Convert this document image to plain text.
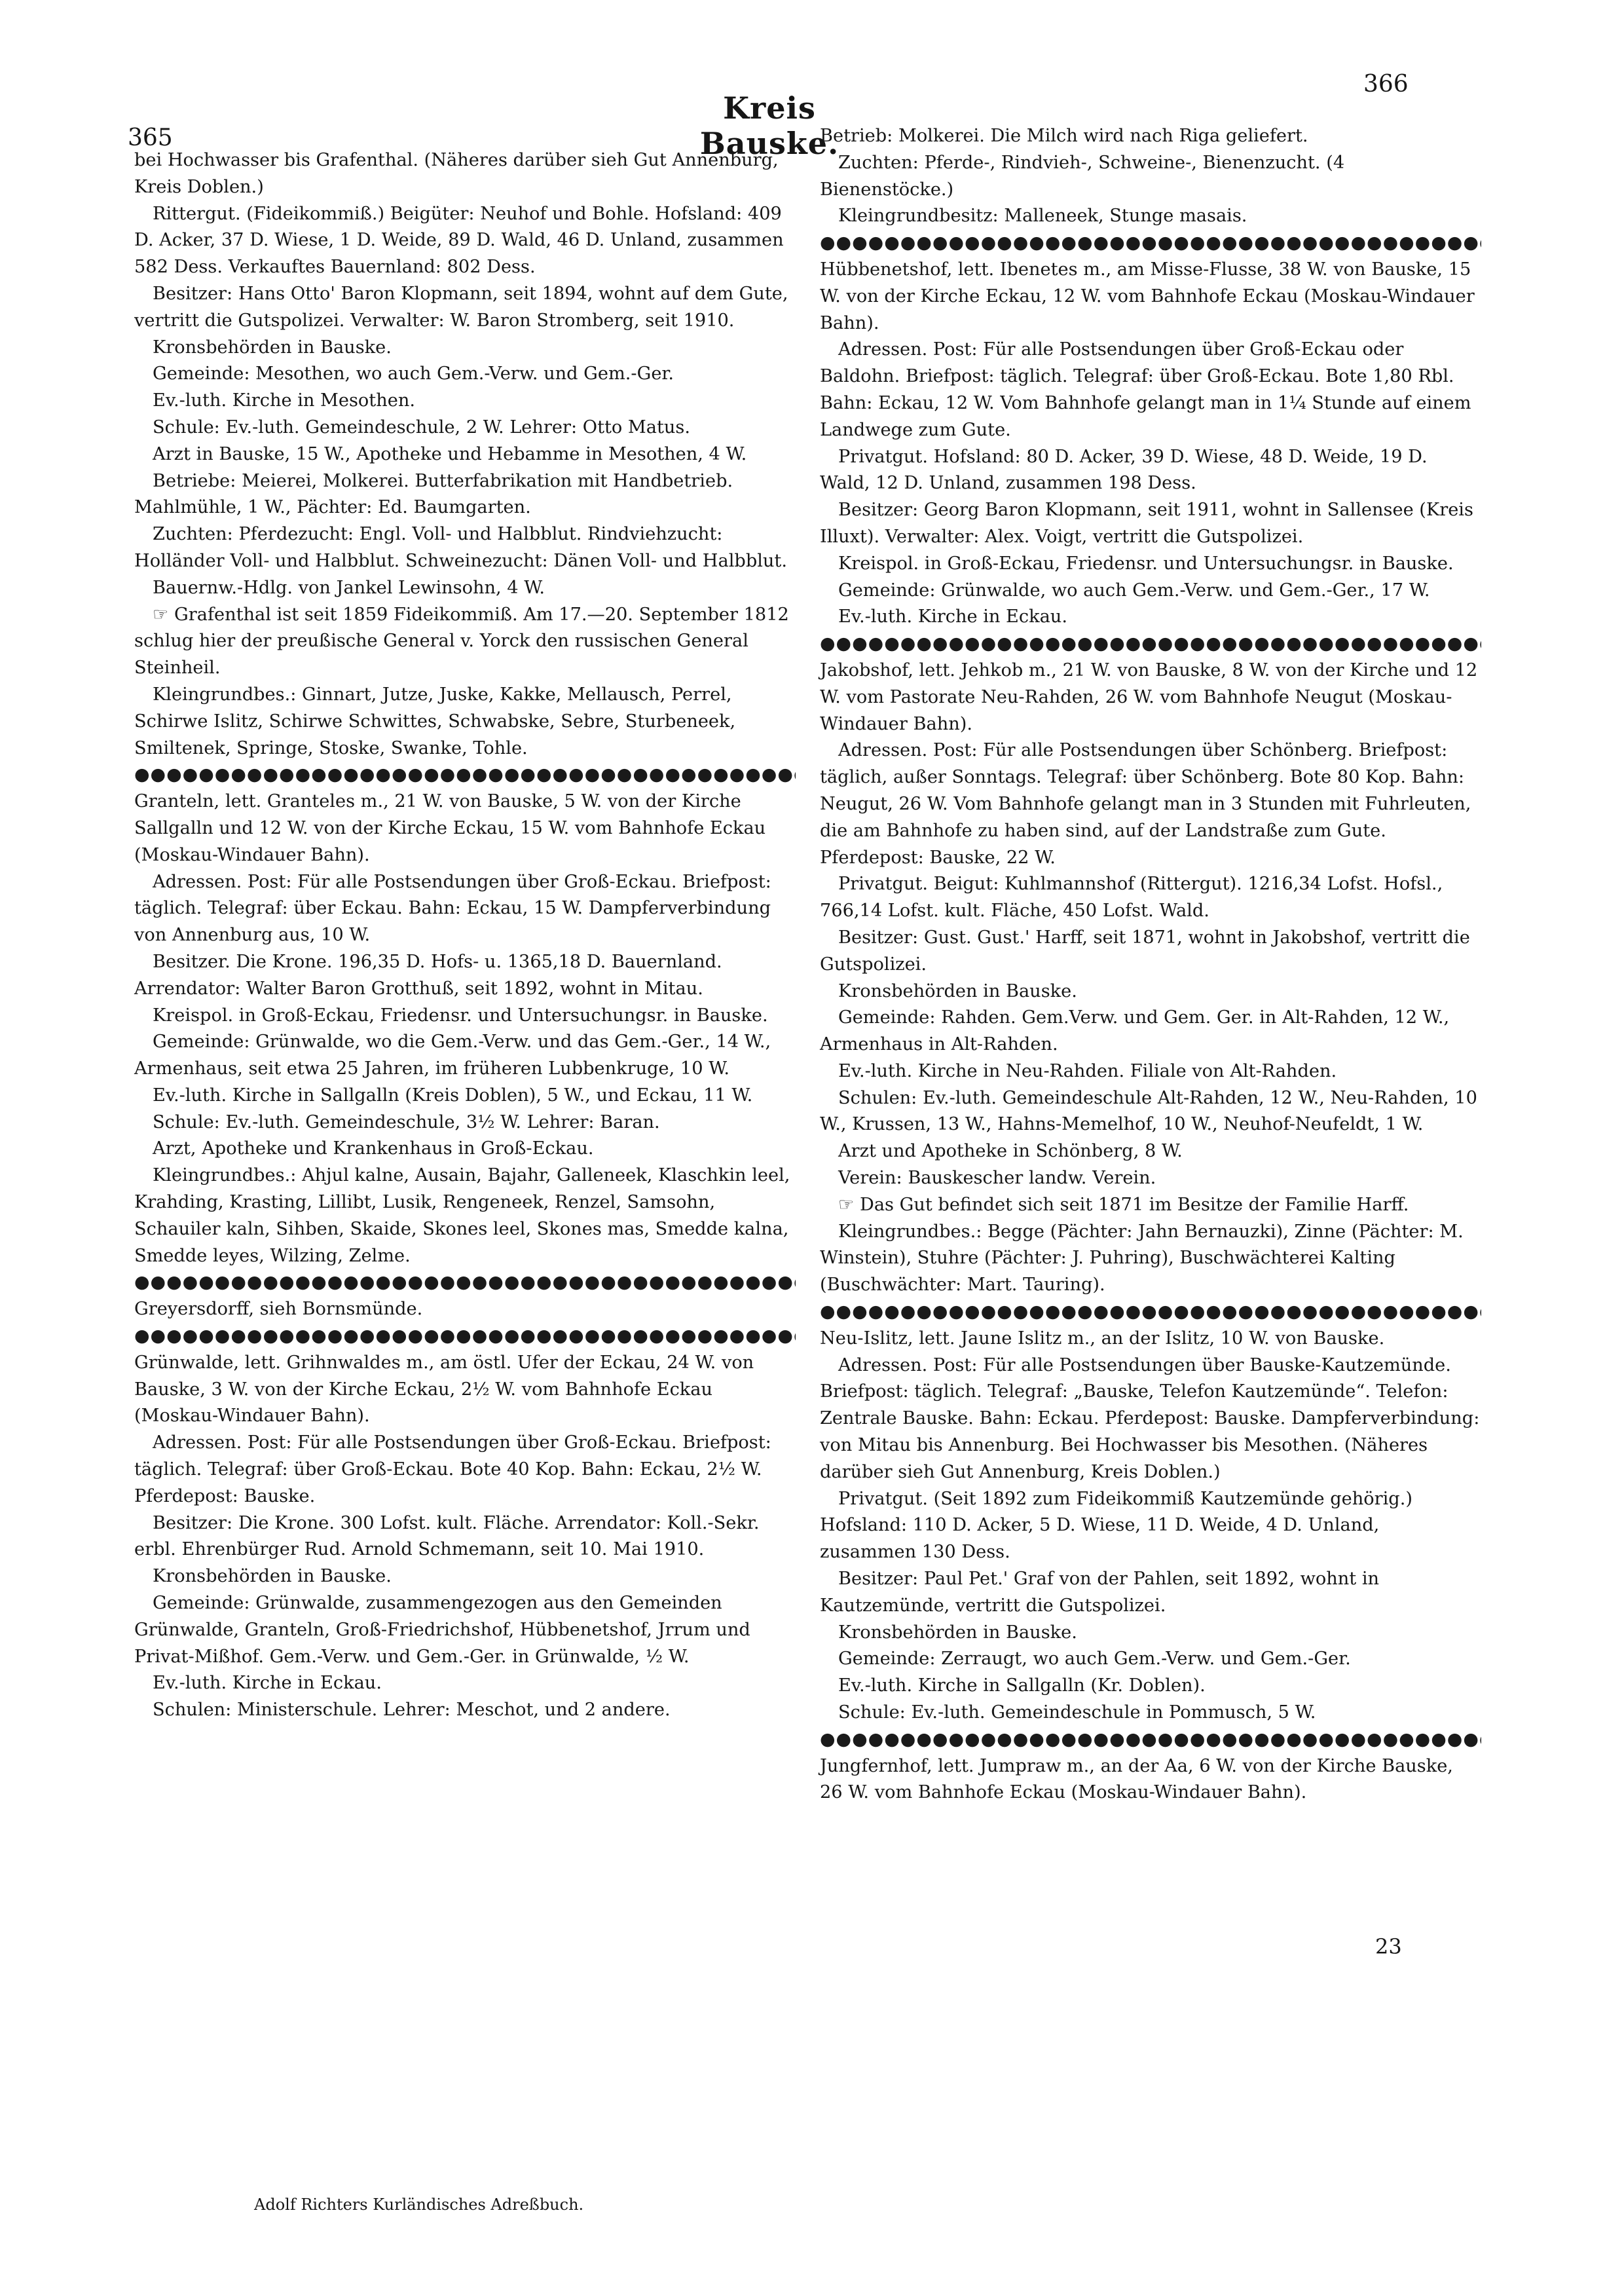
365
Kreis Bauske.
366

bei Hochwasser bis Grafenthal. (Näheres darüber sieh Gut Annenburg, Kreis Doblen.)

Rittergut. (Fideikommiß.) Beigüter: Neuhof und Bohle. Hofsland: 409 D. Acker, 37 D. Wiese, 1 D. Weide, 89 D. Wald, 46 D. Unland, zusammen 582 Dess. Verkauftes Bauernland: 802 Dess.

Besitzer: Hans Otto' Baron Klopmann, seit 1894, wohnt auf dem Gute, vertritt die Gutspolizei. Verwalter: W. Baron Stromberg, seit 1910.

Kronsbehörden in Bauske.

Gemeinde: Mesothen, wo auch Gem.-Verw. und Gem.-Ger.

Ev.-luth. Kirche in Mesothen.

Schule: Ev.-luth. Gemeindeschule, 2 W. Lehrer: Otto Matus.

Arzt in Bauske, 15 W., Apotheke und Hebamme in Mesothen, 4 W.

Betriebe: Meierei, Molkerei. Butterfabrikation mit Handbetrieb. Mahlmühle, 1 W., Pächter: Ed. Baumgarten.

Zuchten: Pferdezucht: Engl. Voll- und Halbblut. Rindviehzucht: Holländer Voll- und Halbblut. Schweinezucht: Dänen Voll- und Halbblut.

Bauernw.-Hdlg. von Jankel Lewinsohn, 4 W.

☞ Grafenthal ist seit 1859 Fideikommiß. Am 17.—20. September 1812 schlug hier der preußische General v. Yorck den russischen General Steinheil.

Kleingrundbes.: Ginnart, Jutze, Juske, Kakke, Mellausch, Perrel, Schirwe Islitz, Schirwe Schwittes, Schwabske, Sebre, Sturbeneek, Smiltenek, Springe, Stoske, Swanke, Tohle.

●●●●●●●●●●●●●●●●●●●●●●●●●●●●●●●●●●●●●●●●●●●●●●●●●●●●●●●●●●●●

Granteln, lett. Granteles m., 21 W. von Bauske, 5 W. von der Kirche Sallgalln und 12 W. von der Kirche Eckau, 15 W. vom Bahnhofe Eckau (Moskau-Windauer Bahn).

Adressen. Post: Für alle Postsendungen über Groß-Eckau. Briefpost: täglich. Telegraf: über Eckau. Bahn: Eckau, 15 W. Dampferverbindung von Annenburg aus, 10 W.

Besitzer. Die Krone. 196,35 D. Hofs- u. 1365,18 D. Bauernland. Arrendator: Walter Baron Grotthuß, seit 1892, wohnt in Mitau.

Kreispol. in Groß-Eckau, Friedensr. und Untersuchungsr. in Bauske.

Gemeinde: Grünwalde, wo die Gem.-Verw. und das Gem.-Ger., 14 W., Armenhaus, seit etwa 25 Jahren, im früheren Lubbenkruge, 10 W.

Ev.-luth. Kirche in Sallgalln (Kreis Doblen), 5 W., und Eckau, 11 W.

Schule: Ev.-luth. Gemeindeschule, 3½ W. Lehrer: Baran.

Arzt, Apotheke und Krankenhaus in Groß-Eckau.

Kleingrundbes.: Ahjul kalne, Ausain, Bajahr, Galleneek, Klaschkin leel, Krahding, Krasting, Lillibt, Lusik, Rengeneek, Renzel, Samsohn, Schauiler kaln, Sihben, Skaide, Skones leel, Skones mas, Smedde kalna, Smedde leyes, Wilzing, Zelme.

●●●●●●●●●●●●●●●●●●●●●●●●●●●●●●●●●●●●●●●●●●●●●●●●●●●●●●●●●●●●

Greyersdorff, sieh Bornsmünde.

●●●●●●●●●●●●●●●●●●●●●●●●●●●●●●●●●●●●●●●●●●●●●●●●●●●●●●●●●●●●

Grünwalde, lett. Grihnwaldes m., am östl. Ufer der Eckau, 24 W. von Bauske, 3 W. von der Kirche Eckau, 2½ W. vom Bahnhofe Eckau (Moskau-Windauer Bahn).

Adressen. Post: Für alle Postsendungen über Groß-Eckau. Briefpost: täglich. Telegraf: über Groß-Eckau. Bote 40 Kop. Bahn: Eckau, 2½ W. Pferdepost: Bauske.

Besitzer: Die Krone. 300 Lofst. kult. Fläche. Arrendator: Koll.-Sekr. erbl. Ehrenbürger Rud. Arnold Schmemann, seit 10. Mai 1910.

Kronsbehörden in Bauske.

Gemeinde: Grünwalde, zusammengezogen aus den Gemeinden Grünwalde, Granteln, Groß-Friedrichshof, Hübbenetshof, Jrrum und Privat-Mißhof. Gem.-Verw. und Gem.-Ger. in Grünwalde, ½ W.

Ev.-luth. Kirche in Eckau.

Schulen: Ministerschule. Lehrer: Meschot, und 2 andere.

Adolf Richters Kurländisches Adreßbuch.

Betrieb: Molkerei. Die Milch wird nach Riga geliefert.

Zuchten: Pferde-, Rindvieh-, Schweine-, Bienenzucht. (4 Bienenstöcke.)

Kleingrundbesitz: Malleneek, Stunge masais.

●●●●●●●●●●●●●●●●●●●●●●●●●●●●●●●●●●●●●●●●●●●●●●●●●●●●●●●●●●●●

Hübbenetshof, lett. Ibenetes m., am Misse-Flusse, 38 W. von Bauske, 15 W. von der Kirche Eckau, 12 W. vom Bahnhofe Eckau (Moskau-Windauer Bahn).

Adressen. Post: Für alle Postsendungen über Groß-Eckau oder Baldohn. Briefpost: täglich. Telegraf: über Groß-Eckau. Bote 1,80 Rbl. Bahn: Eckau, 12 W. Vom Bahnhofe gelangt man in 1¼ Stunde auf einem Landwege zum Gute.

Privatgut. Hofsland: 80 D. Acker, 39 D. Wiese, 48 D. Weide, 19 D. Wald, 12 D. Unland, zusammen 198 Dess.

Besitzer: Georg Baron Klopmann, seit 1911, wohnt in Sallensee (Kreis Illuxt). Verwalter: Alex. Voigt, vertritt die Gutspolizei.

Kreispol. in Groß-Eckau, Friedensr. und Untersuchungsr. in Bauske.

Gemeinde: Grünwalde, wo auch Gem.-Verw. und Gem.-Ger., 17 W.

Ev.-luth. Kirche in Eckau.

●●●●●●●●●●●●●●●●●●●●●●●●●●●●●●●●●●●●●●●●●●●●●●●●●●●●●●●●●●●●

Jakobshof, lett. Jehkob m., 21 W. von Bauske, 8 W. von der Kirche und 12 W. vom Pastorate Neu-Rahden, 26 W. vom Bahnhofe Neugut (Moskau-Windauer Bahn).

Adressen. Post: Für alle Postsendungen über Schönberg. Briefpost: täglich, außer Sonntags. Telegraf: über Schönberg. Bote 80 Kop. Bahn: Neugut, 26 W. Vom Bahnhofe gelangt man in 3 Stunden mit Fuhrleuten, die am Bahnhofe zu haben sind, auf der Landstraße zum Gute. Pferdepost: Bauske, 22 W.

Privatgut. Beigut: Kuhlmannshof (Rittergut). 1216,34 Lofst. Hofsl., 766,14 Lofst. kult. Fläche, 450 Lofst. Wald.

Besitzer: Gust. Gust.' Harff, seit 1871, wohnt in Jakobshof, vertritt die Gutspolizei.

Kronsbehörden in Bauske.

Gemeinde: Rahden. Gem.Verw. und Gem. Ger. in Alt-Rahden, 12 W., Armenhaus in Alt-Rahden.

Ev.-luth. Kirche in Neu-Rahden. Filiale von Alt-Rahden.

Schulen: Ev.-luth. Gemeindeschule Alt-Rahden, 12 W., Neu-Rahden, 10 W., Krussen, 13 W., Hahns-Memelhof, 10 W., Neuhof-Neufeldt, 1 W.

Arzt und Apotheke in Schönberg, 8 W.

Verein: Bauskescher landw. Verein.

☞ Das Gut befindet sich seit 1871 im Besitze der Familie Harff.

Kleingrundbes.: Begge (Pächter: Jahn Bernauzki), Zinne (Pächter: M. Winstein), Stuhre (Pächter: J. Puhring), Buschwächterei Kalting (Buschwächter: Mart. Tauring).

●●●●●●●●●●●●●●●●●●●●●●●●●●●●●●●●●●●●●●●●●●●●●●●●●●●●●●●●●●●●

Neu-Islitz, lett. Jaune Islitz m., an der Islitz, 10 W. von Bauske.

Adressen. Post: Für alle Postsendungen über Bauske-Kautzemünde. Briefpost: täglich. Telegraf: „Bauske, Telefon Kautzemünde“. Telefon: Zentrale Bauske. Bahn: Eckau. Pferdepost: Bauske. Dampferverbindung: von Mitau bis Annenburg. Bei Hochwasser bis Mesothen. (Näheres darüber sieh Gut Annenburg, Kreis Doblen.)

Privatgut. (Seit 1892 zum Fideikommiß Kautzemünde gehörig.) Hofsland: 110 D. Acker, 5 D. Wiese, 11 D. Weide, 4 D. Unland, zusammen 130 Dess.

Besitzer: Paul Pet.' Graf von der Pahlen, seit 1892, wohnt in Kautzemünde, vertritt die Gutspolizei.

Kronsbehörden in Bauske.

Gemeinde: Zerraugt, wo auch Gem.-Verw. und Gem.-Ger.

Ev.-luth. Kirche in Sallgalln (Kr. Doblen).

Schule: Ev.-luth. Gemeindeschule in Pommusch, 5 W.

●●●●●●●●●●●●●●●●●●●●●●●●●●●●●●●●●●●●●●●●●●●●●●●●●●●●●●●●●●●●

Jungfernhof, lett. Jumpraw m., an der Aa, 6 W. von der Kirche Bauske, 26 W. vom Bahnhofe Eckau (Moskau-Windauer Bahn).

23
